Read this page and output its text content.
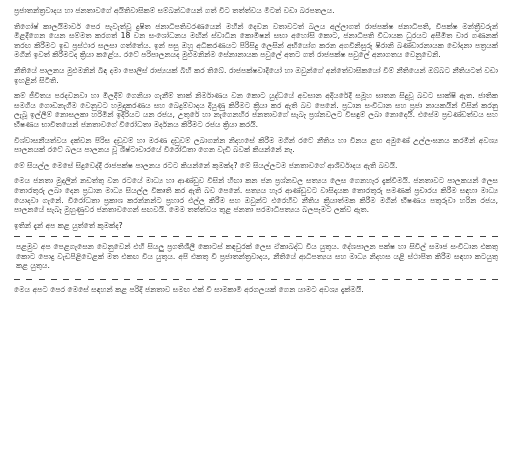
ප්‍රජාතන්ත්‍රවාදය හා ජනතාවගේ අයිතිවාසිකම් සම්බන්ධයෙන් ගත් විට තත්ත්වය මීටත් වඩා බරපතලය.

තිගෝෂ් කාලයිමාවර් පෙර පැවැත්වූ දුෂිත ජනාධිපතිවරණයෙන් මහින් දෙවන වතාවටත් බලය අල්ලාගත් රාජපක්ෂ ජනාධිපති, විපක්ෂ මන්ත්‍රීවරුන් මිළදීගෙන යෙන සම්මත කරගත් 18 වන සංශෝධනය මඟින් ස්වාධීන කොමිෂන් සභා අහෝසි කොට, ජනාධිපති විධායක ධුරයට අසීමිත වාර ගණනක් තරඟ කිරීමට ඉඩ ප්‍රස්ථාර සලසා ගත්තේය. ඉන් පසු ඔහු අධිකරණයට පිරිසිදු ලෙසින් අභියෝග කරන අගවිනිසුරු ෂිරානි බණ්ඩාරනායක චෝදනා පත්‍රයක් මගින් ඉවත් කිරීමටද ක්‍රියා කළේය. රටේ පරිපාලනයද මුළුමනින්ම සේනානායක පවුලේ අතට ගත් රාජපක්ෂ පවුලේ අනාගතය වෙනුවෙනි.

නීතියේ පාලනය මුළුමනින් බිඳ දමා පොලිස් රාජ්‍යයක් බිහි කර තිබේ. රාජපක්ෂවාදියෝ හා ඔවුන්ගේ අන්තේවාසිකයෝ වීම් නීතියෙන් ඔබ්බට නීතියටත් වඩා ඉහළින් සිටිති.

කම් ජීවිතය පරදවනවා හා මිලදීම් ගෙනියා ගැනීම් තාක් නිර්මාණය වන කොට යුද්ධයේ අවසාන අදියරේදී සමූහ ඝාතන සිදුවූ බවට සාක්ෂි ඇත. ජාතික සමගිය ගොඩනැගීම වෙනුවට හමුදාකරණය සහ බෙදුම්වාදය දියුණු කිරීමට ක්‍රියා කර ඇති බව පෙනේ. ප්‍රධාන සංවිධාන සහ ප්‍රජා නායකයින් විසින් කරනු ලැබූ ඉල්ලීම් නොසලකා හරිමින් ඉදිරියට යන රජය, උතුරේ හා නැගෙනහිර ජනතාවගේ සැබෑ ප්‍රශ්නවලට විසඳුම් ලබා නොදෙයි. එසේම ප්‍රචණ්ඩත්වය සහ භීෂණය භාවිතයෙන් ජනතාවගේ විරෝධතා මර්දනය කිරීමට රජය ක්‍රියා කරයි.

විශ්වාසනීයත්වය දක්වන පිරිස දඩුවම් හා මරණ දඩුවම් ලබාගන්න නිදහසේ කිරීම මගින් රටේ නීතිය හා විනය ළඟ අමුණේ උල්ලංඝනය කරමින් අවශ්‍ය පාලනයක් රටේ බලය පාලනය වූ ශිෂ්ටාචාරයේ විරෝධීතා ගෙන වැඩි බවක් කියන්නේ නෑ.

මේ සියල්ල මෙසේ සිදුවෙද්දී රාජපක්ෂ පාලනය රටට කියන්නේ කුමක්ද? මේ සියල්ලටම ජනතාවගේ ආශිර්වාදය ඇති බවයි.

මෙය ජනතා මුදලින් නඩත්තු වන රටයේ මාධ්‍ය හා ආණ්ඩුව විසින් හිඟා කන ජන ප්‍රශ්නවල සත්‍යය ලෙස ගෙනහැර දැක්වීමයි. ජනතාවට පාලකයන් ලෙස තොරතුරු ලබා දෙන ප්‍රධාන මාධ්‍ය සියල්ල විකෘති කර ඇති බව පෙනේ. සත්‍යය හැර ආණ්ඩුවට වාසිදායක තොරතුරු පමණක් ප්‍රචාරය කිරීම සඳහා මාධ්‍ය යොදවා ගැනේ. විරෝධතා ප්‍රකාශ කරන්නන්ට ප්‍රහාර එල්ල කිරීම සහ ඔවුන්ට එරෙහිව නීතිය ක්‍රියාත්මක කිරීම මගින් භීෂණය පතුරුවා හරින රජය, පාලනයේ සැබෑ මුහුණුවර ජනතාවගෙන් සඟවයි. මෙම තත්ත්වය තුළ ජනතා පරමාධිපත්‍යය බලපෑමට ලක්ව ඇත.

ඉතින් දැන් අප කළ යුත්තේ කුමක්ද?

පළමුව අප පෙළගැසෙන වෙනුවෙන් එහි සියලු ප්‍රගතිශීලී කොටස් කඳවුරක් ලෙස ඒකාබද්ධ විය යුතුය. දේශපාලන පක්ෂ හා සිවිල් සමාජ සංවිධාන එකතු කොට පොදු වැඩපිළිවෙළක් මත එකඟ විය යුතුය. අපි එකතු වී ප්‍රජාතන්ත්‍රවාදය, නීතියේ ආධිපත්‍යය සහ මාධ්‍ය නිදහස යළි ස්ථාපිත කිරීම සඳහා කටයුතු කළ යුතුය.

මෙය අපට පෙර මෙසේ සඳහන් කළ පරිදි ජනතාව සමඟ එක් වී සාමකාමී අරගලයක් ගෙන යාමට අවශ්‍ය දැක්මයි.
